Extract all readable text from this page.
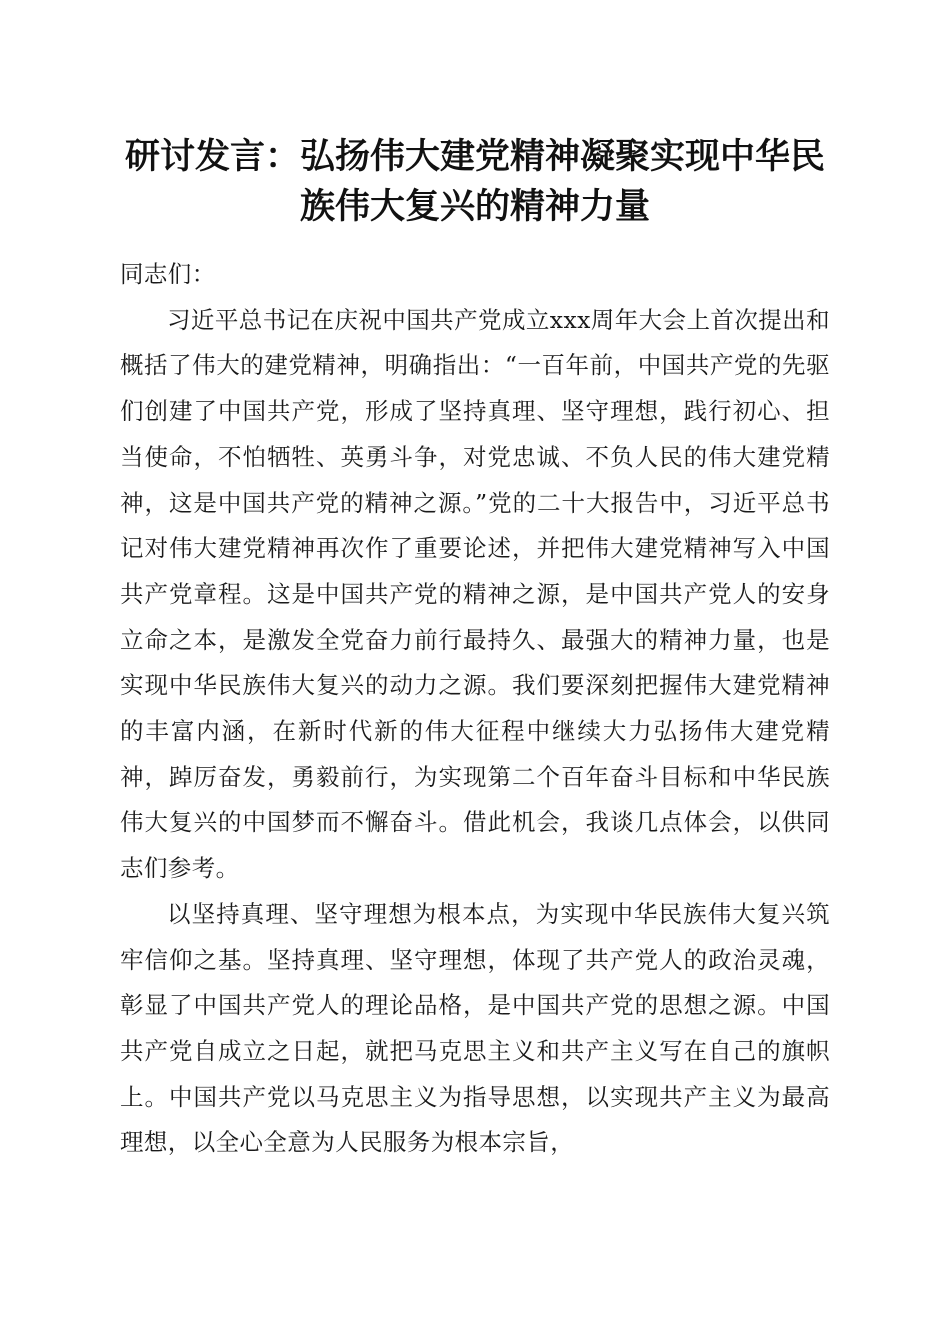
研讨发言：弘扬伟大建党精神凝聚实现中华民
族伟大复兴的精神力量

同志们：

习近平总书记在庆祝中国共产党成立xxx周年大会上首次提出和概括了伟大的建党精神，明确指出：“一百年前，中国共产党的先驱们创建了中国共产党，形成了坚持真理、坚守理想，践行初心、担当使命，不怕牺牲、英勇斗争，对党忠诚、不负人民的伟大建党精神，这是中国共产党的精神之源。”党的二十大报告中，习近平总书记对伟大建党精神再次作了重要论述，并把伟大建党精神写入中国共产党章程。这是中国共产党的精神之源，是中国共产党人的安身立命之本，是激发全党奋力前行最持久、最强大的精神力量，也是实现中华民族伟大复兴的动力之源。我们要深刻把握伟大建党精神的丰富内涵，在新时代新的伟大征程中继续大力弘扬伟大建党精神，踔厉奋发，勇毅前行，为实现第二个百年奋斗目标和中华民族伟大复兴的中国梦而不懈奋斗。借此机会，我谈几点体会，以供同志们参考。

以坚持真理、坚守理想为根本点，为实现中华民族伟大复兴筑牢信仰之基。坚持真理、坚守理想，体现了共产党人的政治灵魂，彰显了中国共产党人的理论品格，是中国共产党的思想之源。中国共产党自成立之日起，就把马克思主义和共产主义写在自己的旗帜上。中国共产党以马克思主义为指导思想，以实现共产主义为最高理想，以全心全意为人民服务为根本宗旨，
